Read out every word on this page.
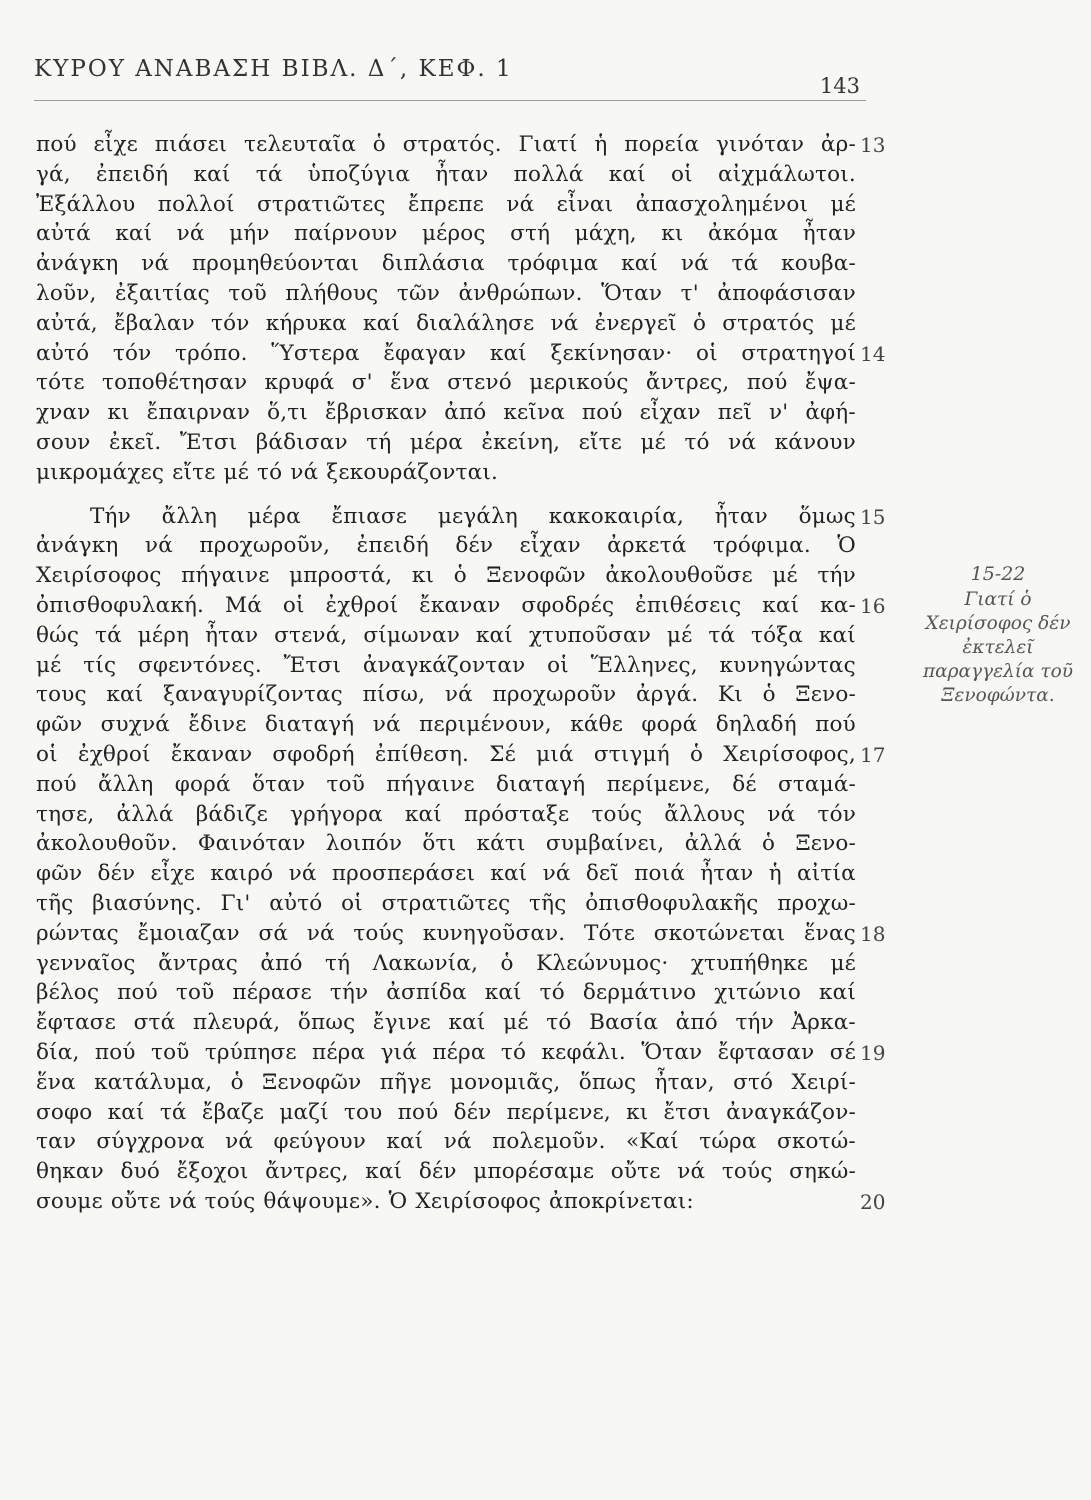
ΚΥΡΟΥ ΑΝΑΒΑΣΗ ΒΙΒΛ. Δ΄, ΚΕΦ. 1
143
πού εἶχε πιάσει τελευταῖα ὁ στρατός. Γιατί ἡ πορεία γινόταν ἀρ-
γά, ἐπειδή καί τά ὑποζύγια ἦταν πολλά καί οἱ αἰχμάλωτοι.
Ἐξάλλου πολλοί στρατιῶτες ἔπρεπε νά εἶναι ἀπασχολημένοι μέ
αὐτά καί νά μήν παίρνουν μέρος στή μάχη, κι ἀκόμα ἦταν
ἀνάγκη νά προμηθεύονται διπλάσια τρόφιμα καί νά τά κουβα-
λοῦν, ἐξαιτίας τοῦ πλήθους τῶν ἀνθρώπων. Ὅταν τ' ἀποφάσισαν
αὐτά, ἔβαλαν τόν κήρυκα καί διαλάλησε νά ἐνεργεῖ ὁ στρατός μέ
αὐτό τόν τρόπο. Ὕστερα ἔφαγαν καί ξεκίνησαν· οἱ στρατηγοί
τότε τοποθέτησαν κρυφά σ' ἕνα στενό μερικούς ἄντρες, πού ἔψα-
χναν κι ἔπαιρναν ὅ,τι ἔβρισκαν ἀπό κεῖνα πού εἶχαν πεῖ ν' ἀφή-
σουν ἐκεῖ. Ἔτσι βάδισαν τή μέρα ἐκείνη, εἴτε μέ τό νά κάνουν
μικρομάχες εἴτε μέ τό νά ξεκουράζονται.
Τήν ἄλλη μέρα ἔπιασε μεγάλη κακοκαιρία, ἦταν ὅμως
ἀνάγκη νά προχωροῦν, ἐπειδή δέν εἶχαν ἀρκετά τρόφιμα. Ὁ
Χειρίσοφος πήγαινε μπροστά, κι ὁ Ξενοφῶν ἀκολουθοῦσε μέ τήν
ὀπισθοφυλακή. Μά οἱ ἐχθροί ἔκαναν σφοδρές ἐπιθέσεις καί κα-
θώς τά μέρη ἦταν στενά, σίμωναν καί χτυποῦσαν μέ τά τόξα καί
μέ τίς σφεντόνες. Ἔτσι ἀναγκάζονταν οἱ Ἕλληνες, κυνηγώντας
τους καί ξαναγυρίζοντας πίσω, νά προχωροῦν ἀργά. Κι ὁ Ξενο-
φῶν συχνά ἔδινε διαταγή νά περιμένουν, κάθε φορά δηλαδή πού
οἱ ἐχθροί ἔκαναν σφοδρή ἐπίθεση. Σέ μιά στιγμή ὁ Χειρίσοφος,
πού ἄλλη φορά ὅταν τοῦ πήγαινε διαταγή περίμενε, δέ σταμά-
τησε, ἀλλά βάδιζε γρήγορα καί πρόσταξε τούς ἄλλους νά τόν
ἀκολουθοῦν. Φαινόταν λοιπόν ὅτι κάτι συμβαίνει, ἀλλά ὁ Ξενο-
φῶν δέν εἶχε καιρό νά προσπεράσει καί νά δεῖ ποιά ἦταν ἡ αἰτία
τῆς βιασύνης. Γι' αὐτό οἱ στρατιῶτες τῆς ὀπισθοφυλακῆς προχω-
ρώντας ἔμοιαζαν σά νά τούς κυνηγοῦσαν. Τότε σκοτώνεται ἕνας
γενναῖος ἄντρας ἀπό τή Λακωνία, ὁ Κλεώνυμος· χτυπήθηκε μέ
βέλος πού τοῦ πέρασε τήν ἀσπίδα καί τό δερμάτινο χιτώνιο καί
ἔφτασε στά πλευρά, ὅπως ἔγινε καί μέ τό Βασία ἀπό τήν Ἀρκα-
δία, πού τοῦ τρύπησε πέρα γιά πέρα τό κεφάλι. Ὅταν ἔφτασαν σέ
ἕνα κατάλυμα, ὁ Ξενοφῶν πῆγε μονομιᾶς, ὅπως ἦταν, στό Χειρί-
σοφο καί τά ἔβαζε μαζί του πού δέν περίμενε, κι ἔτσι ἀναγκάζον-
ταν σύγχρονα νά φεύγουν καί νά πολεμοῦν. «Καί τώρα σκοτώ-
θηκαν δυό ἔξοχοι ἄντρες, καί δέν μπορέσαμε οὔτε νά τούς σηκώ-
σουμε οὔτε νά τούς θάψουμε». Ὁ Χειρίσοφος ἀποκρίνεται:
13
14
15
16
17
18
19
20
15-22
Γιατί ὁ Χειρίσοφος δέν ἐκτελεῖ παραγγελία τοῦ Ξενοφώντα.
